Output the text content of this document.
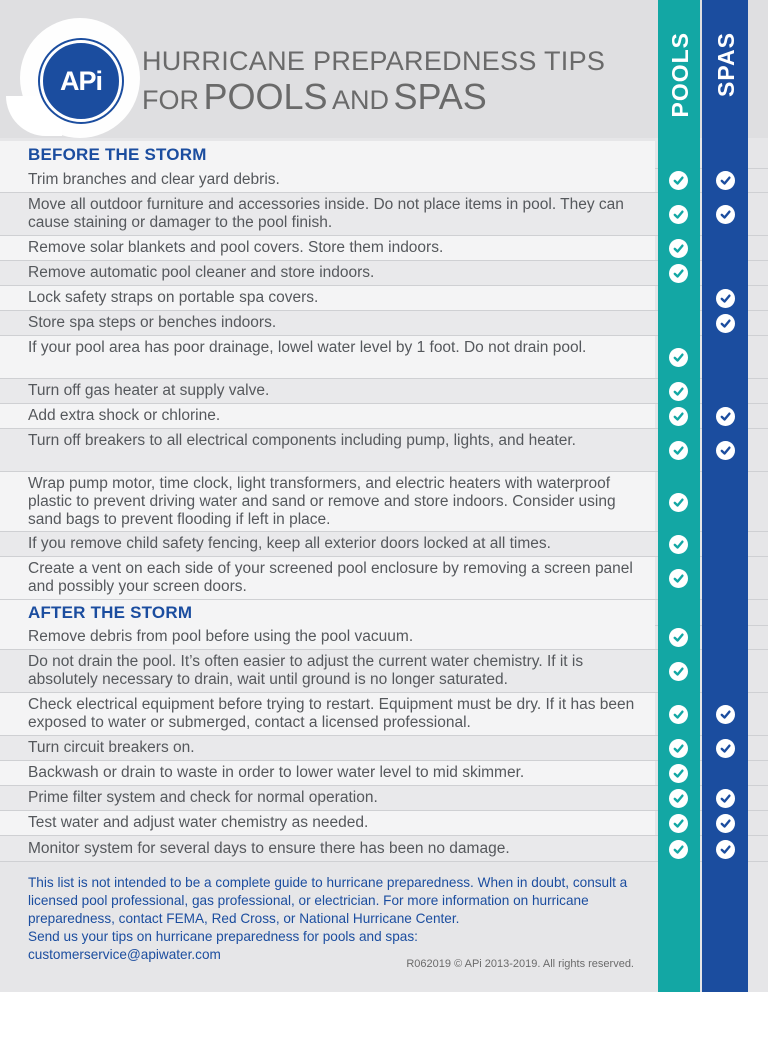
APi
HURRICANE PREPAREDNESS TIPS
FOR POOLS AND SPAS
BEFORE THE STORM
Trim branches and clear yard debris.
Move all outdoor furniture and accessories inside. Do not place items in pool. They can cause staining or damager to the pool finish.
Remove solar blankets and pool covers. Store them indoors.
Remove automatic pool cleaner and store indoors.
Lock safety straps on portable spa covers.
Store spa steps or benches indoors.
If your pool area has poor drainage, lowel water level by 1 foot. Do not drain pool.
Turn off gas heater at supply valve.
Add extra shock or chlorine.
Turn off breakers to all electrical components including pump, lights, and heater.
Wrap pump motor, time clock, light transformers, and electric heaters with waterproof plastic to prevent driving water and sand or remove and store indoors. Consider using sand bags to prevent flooding if left in place.
If you remove child safety fencing, keep all exterior doors locked at all times.
Create a vent on each side of your screened pool enclosure by removing a screen panel and possibly your screen doors.
AFTER THE STORM
Remove debris from pool before using the pool vacuum.
Do not drain the pool. It’s often easier to adjust the current water chemistry. If it is absolutely necessary to drain, wait until ground is no longer saturated.
Check electrical equipment before trying to restart. Equipment must be dry. If it has been exposed to water or submerged, contact a licensed professional.
Turn circuit breakers on.
Backwash or drain to waste in order to lower water level to mid skimmer.
Prime filter system and check for normal operation.
Test water and adjust water chemistry as needed.
Monitor system for several days to ensure there has been no damage.
POOLS SPAS
This list is not intended to be a complete guide to hurricane preparedness. When in doubt, consult a licensed pool professional, gas professional, or electrician. For more information on hurricane preparedness, contact FEMA, Red Cross, or National Hurricane Center.
Send us your tips on hurricane preparedness for pools and spas:
customerservice@apiwater.com
R062019 © APi 2013-2019. All rights reserved.
